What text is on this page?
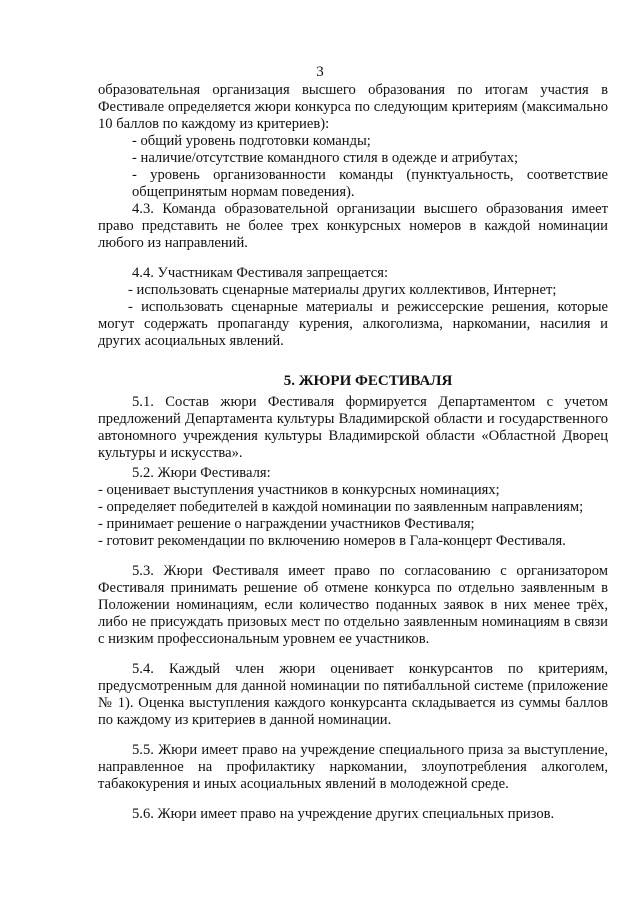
3

образовательная организация высшего образования по итогам участия в Фестивале определяется жюри конкурса по следующим критериям (максимально 10 баллов по каждому из критериев):

- общий уровень подготовки команды;

- наличие/отсутствие командного стиля в одежде и атрибутах;

- уровень организованности команды (пунктуальность, соответствие общепринятым нормам поведения).

4.3. Команда образовательной организации высшего образования имеет право представить не более трех конкурсных номеров в каждой номинации любого из направлений.

4.4. Участникам Фестиваля запрещается:

- использовать сценарные материалы других коллективов, Интернет;

- использовать сценарные материалы и режиссерские решения, которые могут содержать пропаганду курения, алкоголизма, наркомании, насилия и других асоциальных явлений.

5. ЖЮРИ ФЕСТИВАЛЯ

5.1. Состав жюри Фестиваля формируется Департаментом с учетом предложений Департамента культуры Владимирской области и государственного автономного учреждения культуры Владимирской области «Областной Дворец культуры и искусства».

5.2. Жюри Фестиваля:

- оценивает выступления участников в конкурсных номинациях;

- определяет победителей в каждой номинации по заявленным направлениям;

- принимает решение о награждении участников Фестиваля;

- готовит рекомендации по включению номеров в Гала-концерт Фестиваля.

5.3. Жюри Фестиваля имеет право по согласованию с организатором Фестиваля принимать решение об отмене конкурса по отдельно заявленным в Положении номинациям, если количество поданных заявок в них менее трёх, либо не присуждать призовых мест по отдельно заявленным номинациям в связи с низким профессиональным уровнем ее участников.

5.4. Каждый член жюри оценивает конкурсантов по критериям, предусмотренным для данной номинации по пятибалльной системе (приложение № 1). Оценка выступления каждого конкурсанта складывается из суммы баллов по каждому из критериев в данной номинации.

5.5. Жюри имеет право на учреждение специального приза за выступление, направленное на профилактику наркомании, злоупотребления алкоголем, табакокурения и иных асоциальных явлений в молодежной среде.

5.6. Жюри имеет право на учреждение других специальных призов.
